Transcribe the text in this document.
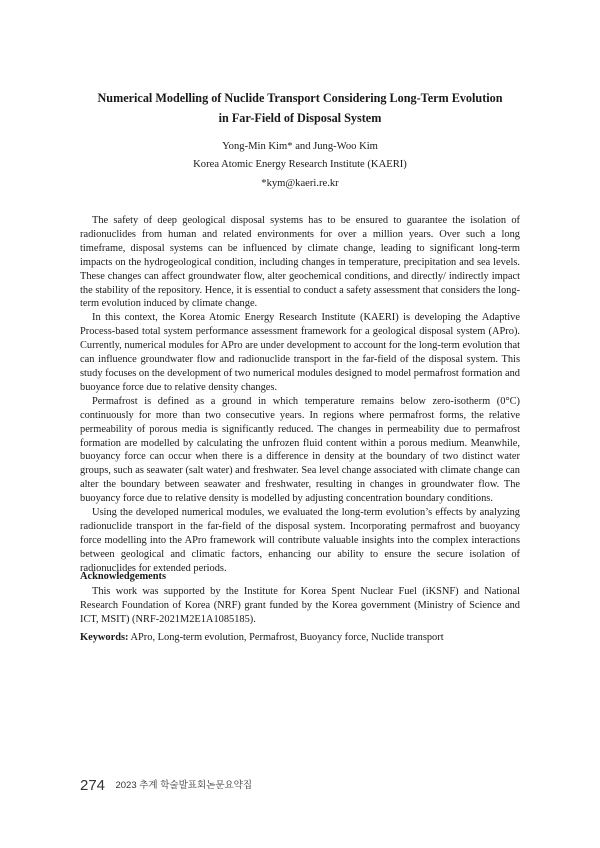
Numerical Modelling of Nuclide Transport Considering Long-Term Evolution
in Far-Field of Disposal System
Yong-Min Kim* and Jung-Woo Kim
Korea Atomic Energy Research Institute (KAERI)
*kym@kaeri.re.kr

The safety of deep geological disposal systems has to be ensured to guarantee the isolation of radionuclides from human and related environments for over a million years. Over such a long timeframe, disposal systems can be influenced by climate change, leading to significant long-term impacts on the hydrogeological condition, including changes in temperature, precipitation and sea levels. These changes can affect groundwater flow, alter geochemical conditions, and directly/ indirectly impact the stability of the repository. Hence, it is essential to conduct a safety assessment that considers the long-term evolution induced by climate change.

In this context, the Korea Atomic Energy Research Institute (KAERI) is developing the Adaptive Process-based total system performance assessment framework for a geological disposal system (APro). Currently, numerical modules for APro are under development to account for the long-term evolution that can influence groundwater flow and radionuclide transport in the far-field of the disposal system. This study focuses on the development of two numerical modules designed to model permafrost formation and buoyance force due to relative density changes.

Permafrost is defined as a ground in which temperature remains below zero-isotherm (0°C) continuously for more than two consecutive years. In regions where permafrost forms, the relative permeability of porous media is significantly reduced. The changes in permeability due to permafrost formation are modelled by calculating the unfrozen fluid content within a porous medium. Meanwhile, buoyancy force can occur when there is a difference in density at the boundary of two distinct water groups, such as seawater (salt water) and freshwater. Sea level change associated with climate change can alter the boundary between seawater and freshwater, resulting in changes in groundwater flow. The buoyancy force due to relative density is modelled by adjusting concentration boundary conditions.

Using the developed numerical modules, we evaluated the long-term evolution’s effects by analyzing radionuclide transport in the far-field of the disposal system. Incorporating permafrost and buoyancy force modelling into the APro framework will contribute valuable insights into the complex interactions between geological and climatic factors, enhancing our ability to ensure the secure isolation of radionuclides for extended periods.

Acknowledgements
This work was supported by the Institute for Korea Spent Nuclear Fuel (iKSNF) and National Research Foundation of Korea (NRF) grant funded by the Korea government (Ministry of Science and ICT, MSIT) (NRF-2021M2E1A1085185).
Keywords: APro, Long-term evolution, Permafrost, Buoyancy force, Nuclide transport
274 2023 추계 학술발표회논문요약집
